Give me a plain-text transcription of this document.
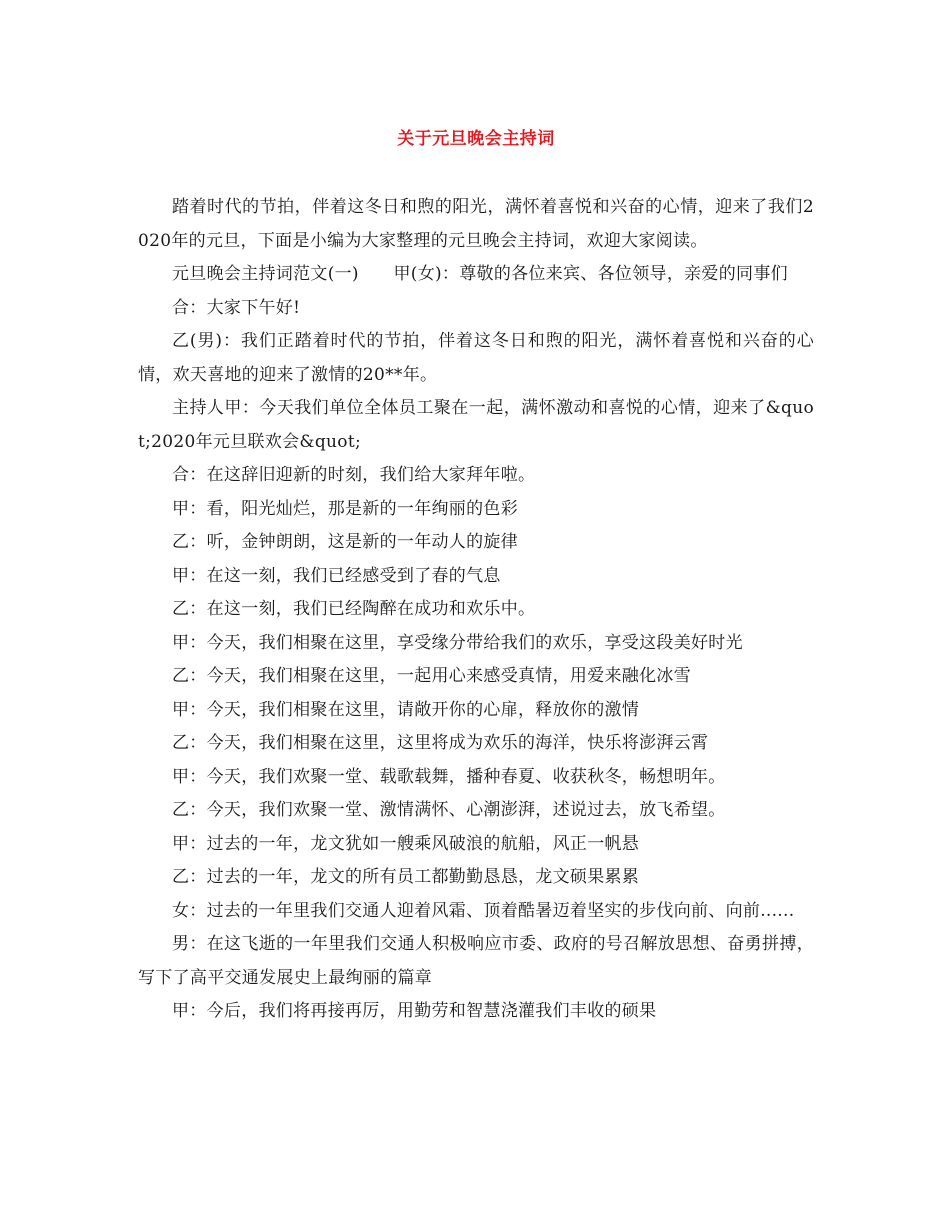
关于元旦晚会主持词

踏着时代的节拍，伴着这冬日和煦的阳光，满怀着喜悦和兴奋的心情，迎来了我们2020年的元旦，下面是小编为大家整理的元旦晚会主持词，欢迎大家阅读。

元旦晚会主持词范文(一)　　甲(女)：尊敬的各位来宾、各位领导，亲爱的同事们

合：大家下午好!

乙(男)：我们正踏着时代的节拍，伴着这冬日和煦的阳光，满怀着喜悦和兴奋的心情，欢天喜地的迎来了激情的20**年。

主持人甲：今天我们单位全体员工聚在一起，满怀激动和喜悦的心情，迎来了&quot;2020年元旦联欢会&quot;

合：在这辞旧迎新的时刻，我们给大家拜年啦。

甲：看，阳光灿烂，那是新的一年绚丽的色彩

乙：听，金钟朗朗，这是新的一年动人的旋律

甲：在这一刻，我们已经感受到了春的气息

乙：在这一刻，我们已经陶醉在成功和欢乐中。

甲：今天，我们相聚在这里，享受缘分带给我们的欢乐，享受这段美好时光

乙：今天，我们相聚在这里，一起用心来感受真情，用爱来融化冰雪

甲：今天，我们相聚在这里，请敞开你的心扉，释放你的激情

乙：今天，我们相聚在这里，这里将成为欢乐的海洋，快乐将澎湃云霄

甲：今天，我们欢聚一堂、载歌载舞，播种春夏、收获秋冬，畅想明年。

乙：今天，我们欢聚一堂、激情满怀、心潮澎湃，述说过去，放飞希望。

甲：过去的一年，龙文犹如一艘乘风破浪的航船，风正一帆悬

乙：过去的一年，龙文的所有员工都勤勤恳恳，龙文硕果累累

女：过去的一年里我们交通人迎着风霜、顶着酷暑迈着坚实的步伐向前、向前......

男：在这飞逝的一年里我们交通人积极响应市委、政府的号召解放思想、奋勇拼搏，写下了高平交通发展史上最绚丽的篇章

甲：今后，我们将再接再厉，用勤劳和智慧浇灌我们丰收的硕果
